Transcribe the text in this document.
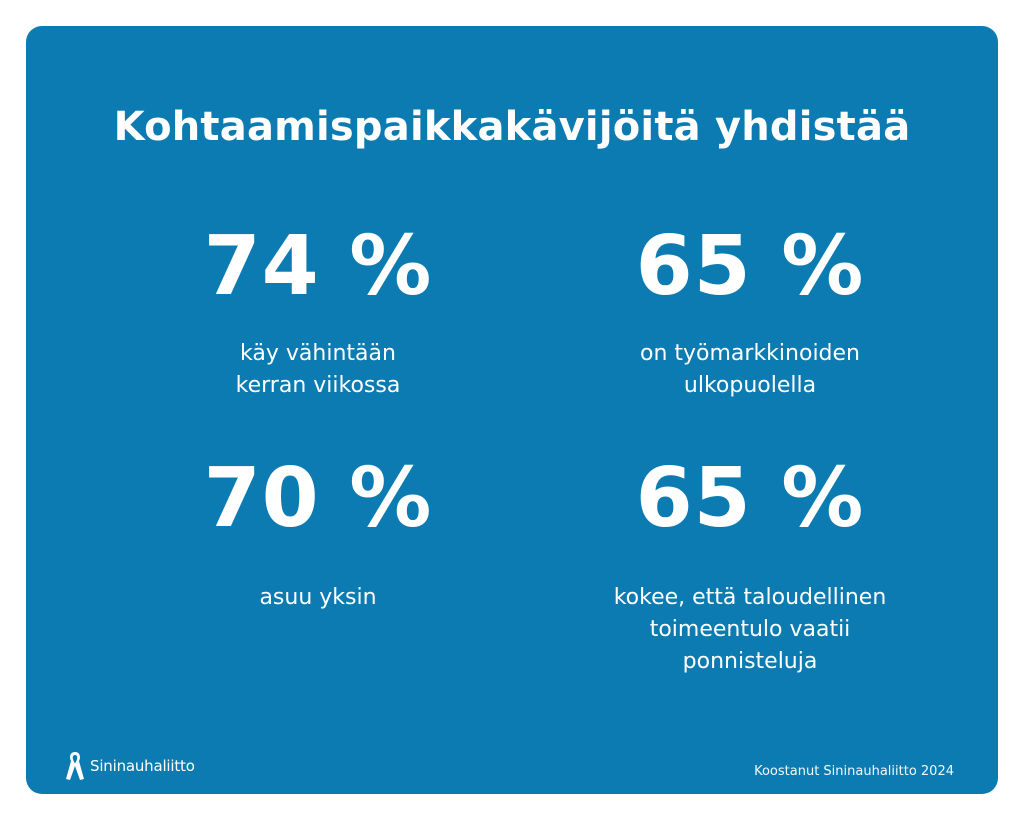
Kohtaamispaikkakävijöitä yhdistää
74 %
käy vähintään
kerran viikossa
65 %
on työmarkkinoiden
ulkopuolella
70 %
asuu yksin
65 %
kokee, että taloudellinen
toimeentulo vaatii
ponnisteluja
Sininauhaliitto	Koostanut Sininauhaliitto 2024
